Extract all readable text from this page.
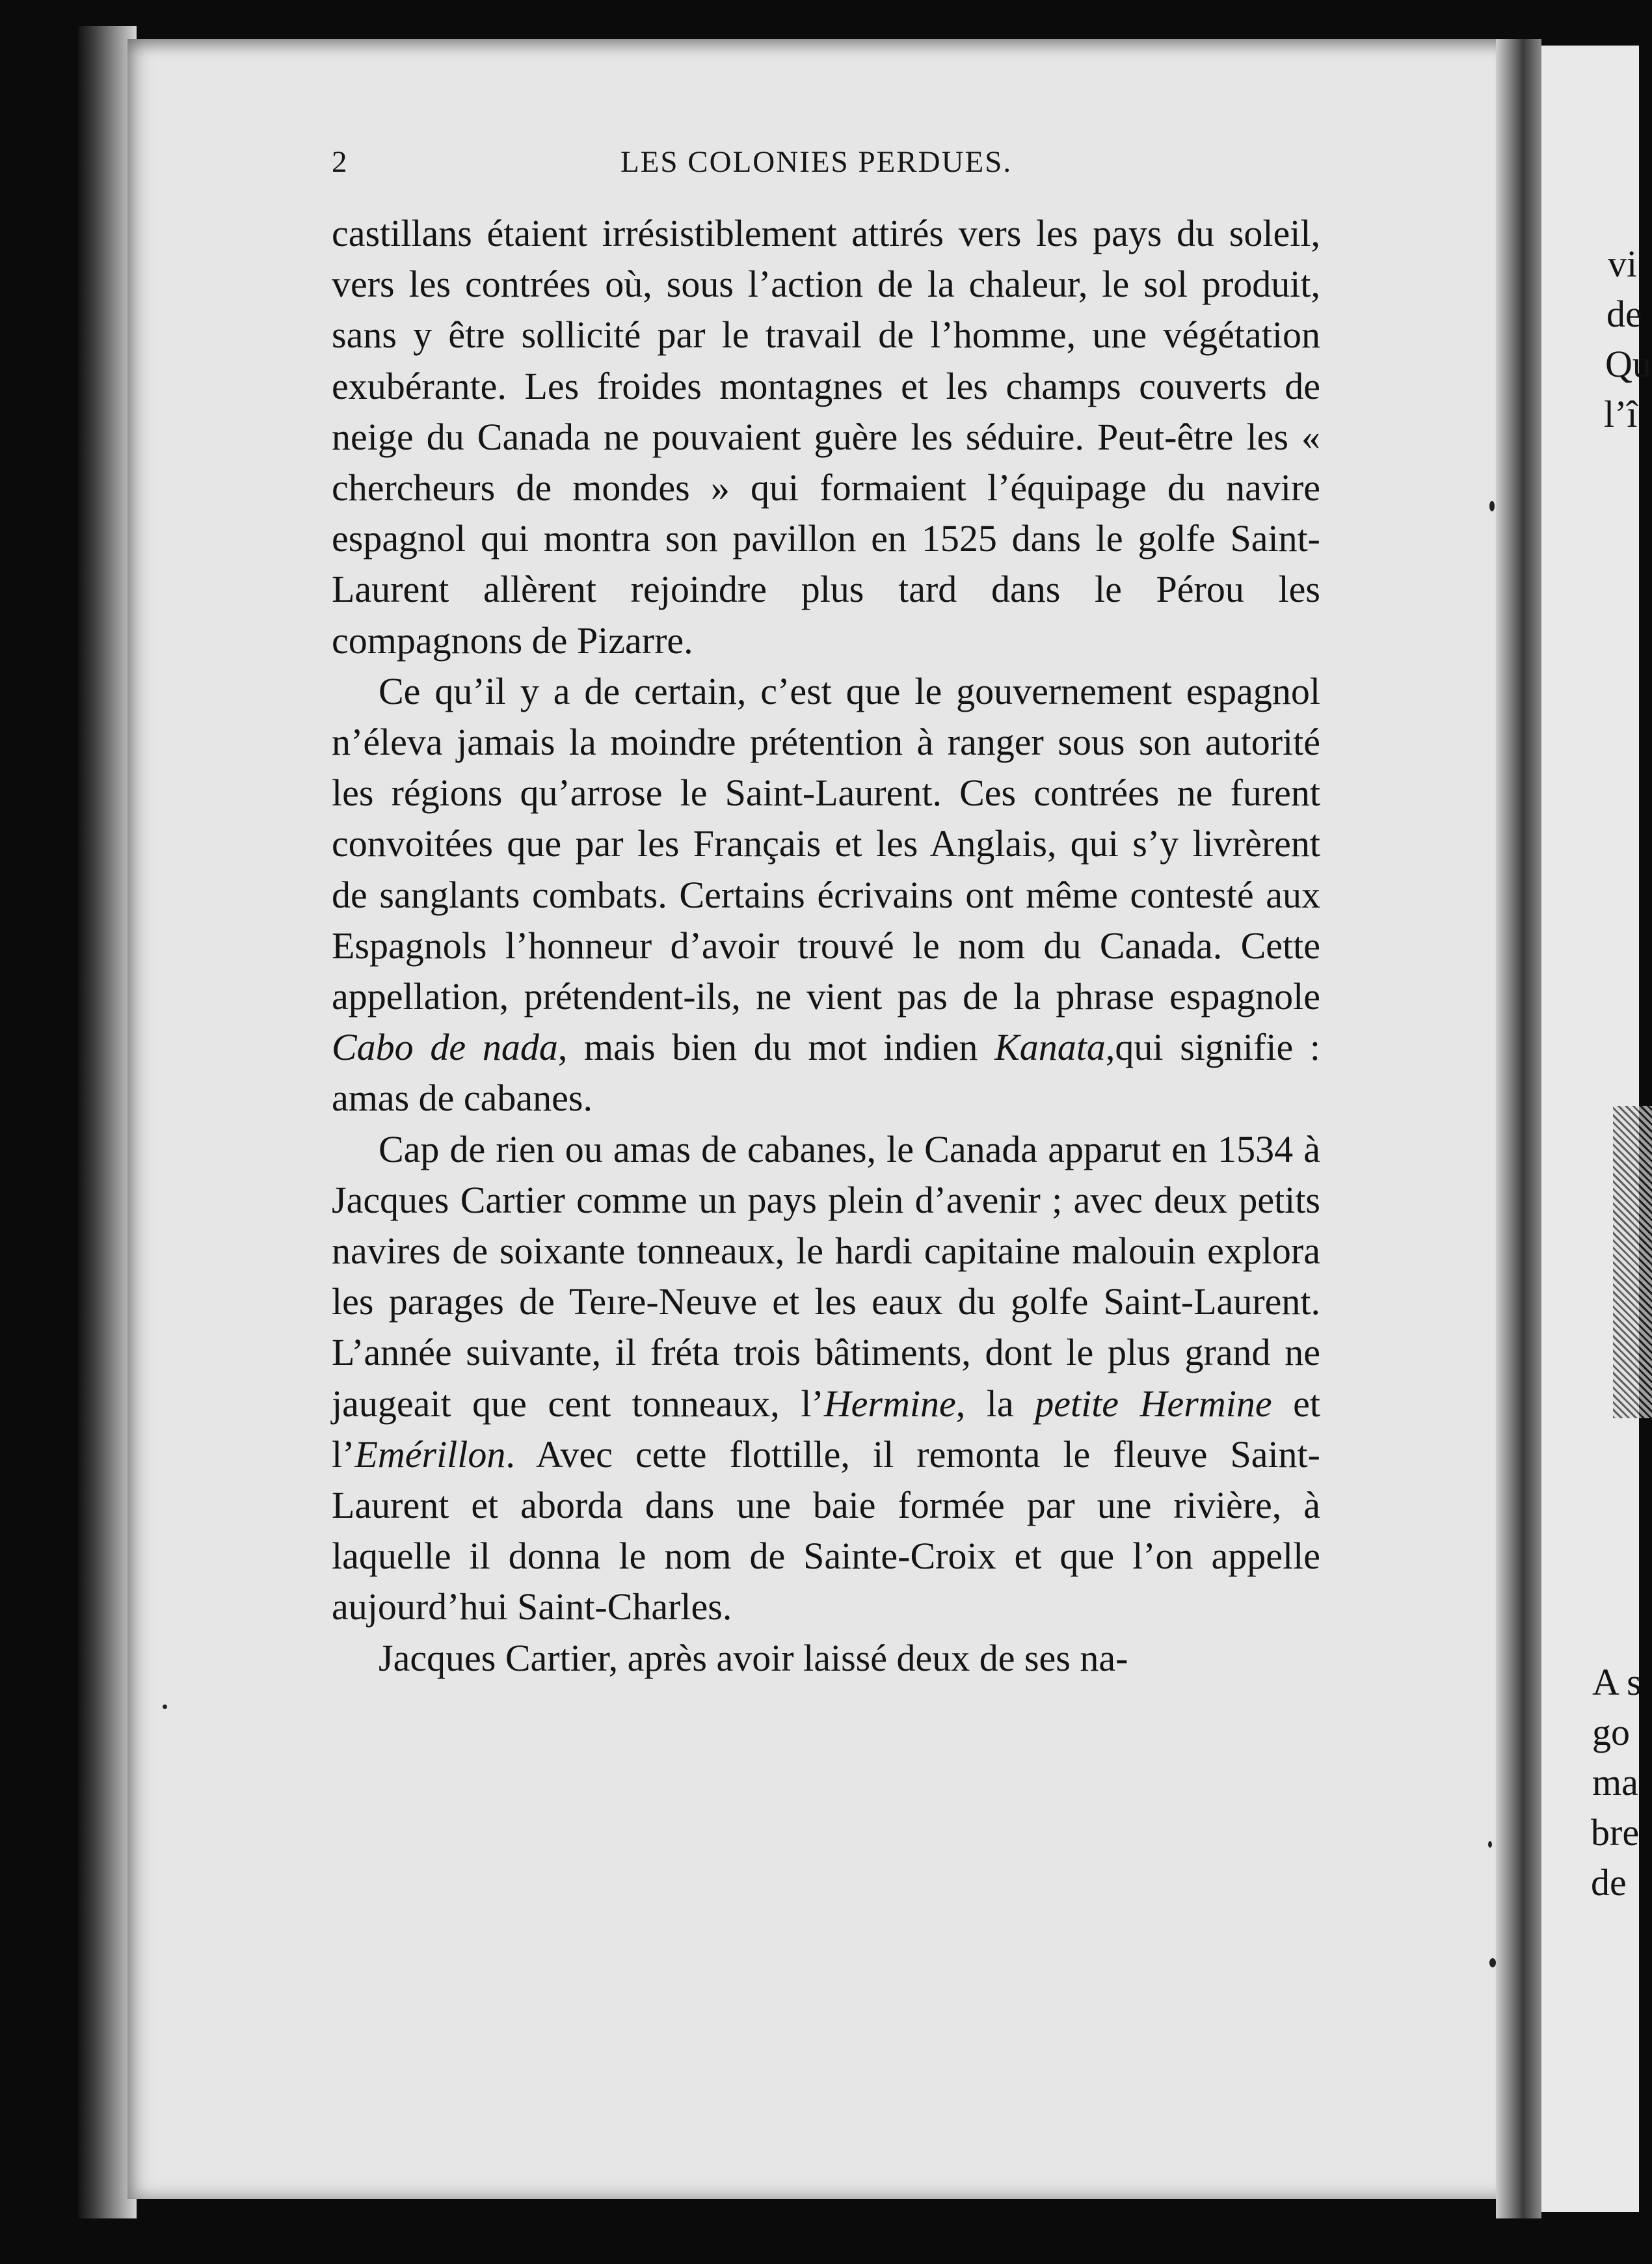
2	LES COLONIES PERDUES.

castillans étaient irrésistiblement attirés vers les pays du soleil, vers les contrées où, sous l’action de la chaleur, le sol produit, sans y être sollicité par le travail de l’homme, une végétation exubérante. Les froides montagnes et les champs couverts de neige du Canada ne pouvaient guère les séduire. Peut-être les « chercheurs de mondes » qui formaient l’équipage du navire espagnol qui montra son pavillon en 1525 dans le golfe Saint-Laurent allèrent rejoindre plus tard dans le Pérou les compagnons de Pizarre.

Ce qu’il y a de certain, c’est que le gouvernement espagnol n’éleva jamais la moindre prétention à ranger sous son autorité les régions qu’arrose le Saint-Laurent. Ces contrées ne furent convoitées que par les Français et les Anglais, qui s’y livrèrent de sanglants combats. Certains écrivains ont même contesté aux Espagnols l’honneur d’avoir trouvé le nom du Canada. Cette appellation, prétendent-ils, ne vient pas de la phrase espagnole Cabo de nada, mais bien du mot indien Kanata,qui signifie : amas de cabanes.

Cap de rien ou amas de cabanes, le Canada apparut en 1534 à Jacques Cartier comme un pays plein d’avenir ; avec deux petits navires de soixante tonneaux, le hardi capitaine malouin explora les parages de Teıre-Neuve et les eaux du golfe Saint-Laurent. L’année suivante, il fréta trois bâtiments, dont le plus grand ne jaugeait que cent tonneaux, l’Hermine, la petite Hermine et l’Emérillon. Avec cette flottille, il remonta le fleuve Saint-Laurent et aborda dans une baie formée par une rivière, à laquelle il donna le nom de Sainte-Croix et que l’on appelle aujourd’hui Saint-Charles.

Jacques Cartier, après avoir laissé deux de ses na-

vi
de
Qu
l’î
A s
go
ma
bre
de
